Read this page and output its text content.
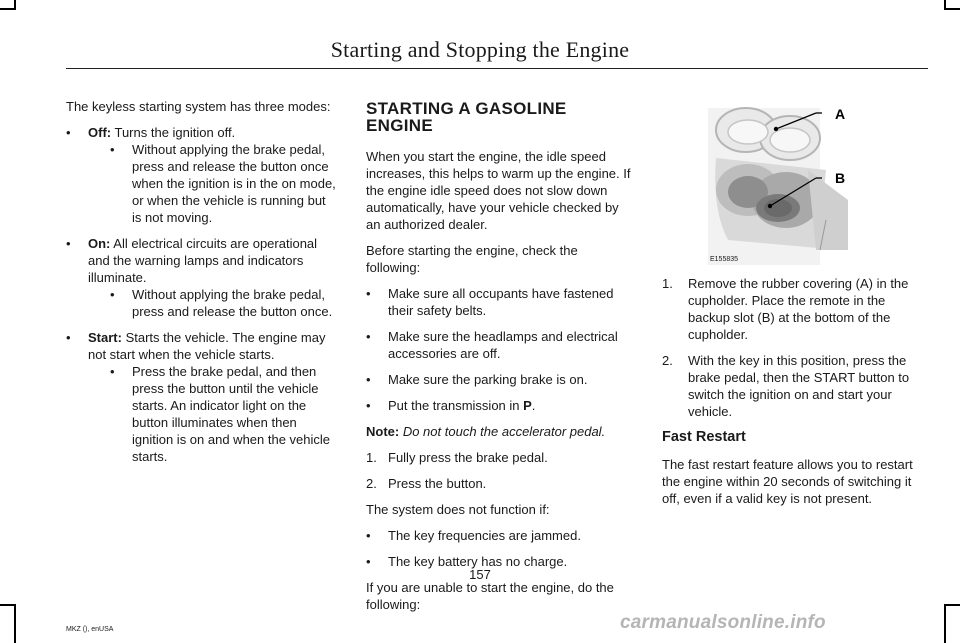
Starting and Stopping the Engine

The keyless starting system has three modes:

• Off: Turns the ignition off.
• Without applying the brake pedal, press and release the button once when the ignition is in the on mode, or when the vehicle is running but is not moving.
• On: All electrical circuits are operational and the warning lamps and indicators illuminate.
• Without applying the brake pedal, press and release the button once.
• Start: Starts the vehicle. The engine may not start when the vehicle starts.
• Press the brake pedal, and then press the button until the vehicle starts. An indicator light on the button illuminates when then ignition is on and when the vehicle starts.
STARTING A GASOLINE ENGINE

When you start the engine, the idle speed increases, this helps to warm up the engine. If the engine idle speed does not slow down automatically, have your vehicle checked by an authorized dealer.

Before starting the engine, check the following:

• Make sure all occupants have fastened their safety belts.
• Make sure the headlamps and electrical accessories are off.
• Make sure the parking brake is on.
• Put the transmission in P.

Note: Do not touch the accelerator pedal.

1. Fully press the brake pedal.
2. Press the button.

The system does not function if:

• The key frequencies are jammed.
• The key battery has no charge.

If you are unable to start the engine, do the following:

A
B
E155835
1. Remove the rubber covering (A) in the cupholder. Place the remote in the backup slot (B) at the bottom of the cupholder.
2. With the key in this position, press the brake pedal, then the START button to switch the ignition on and start your vehicle.
Fast Restart

The fast restart feature allows you to restart the engine within 20 seconds of switching it off, even if a valid key is not present.

157
MKZ (), enUSA	carmanualsonline.info
